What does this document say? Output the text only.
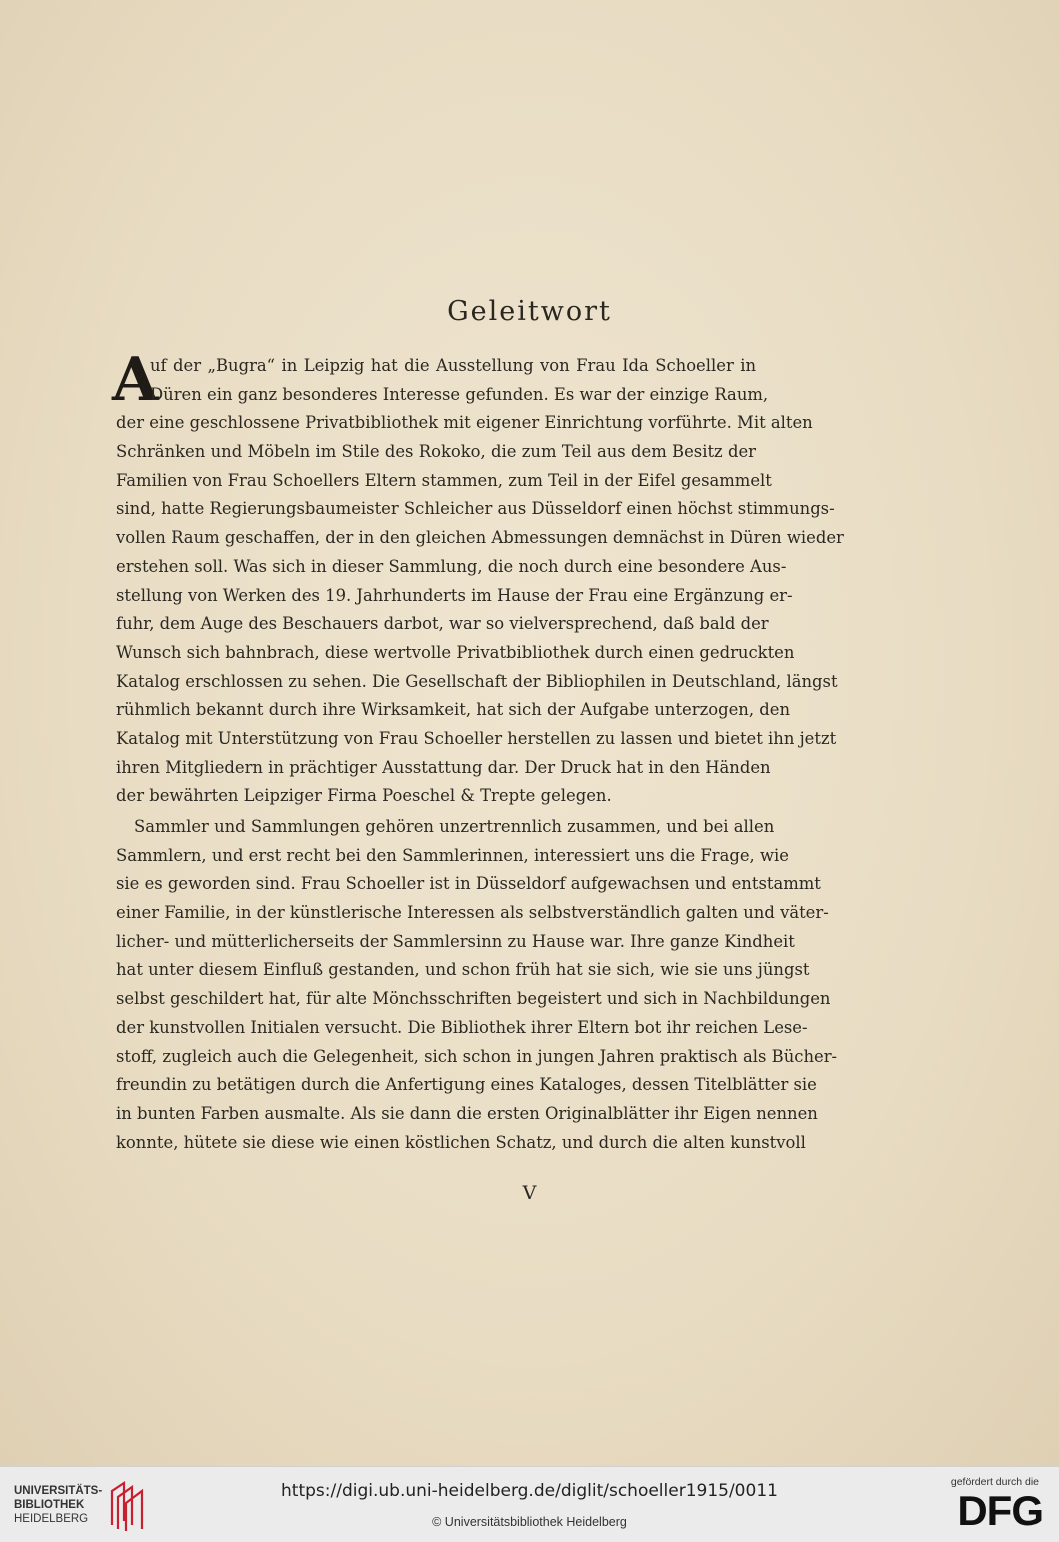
Geleitwort
A
uf der „Bugra“ in Leipzig hat die Ausstellung von Frau Ida Schoeller in
Düren ein ganz besonderes Interesse gefunden. Es war der einzige Raum,
der eine geschlossene Privatbibliothek mit eigener Einrichtung vorführte. Mit alten
Schränken und Möbeln im Stile des Rokoko, die zum Teil aus dem Besitz der
Familien von Frau Schoellers Eltern stammen, zum Teil in der Eifel gesammelt
sind, hatte Regierungsbaumeister Schleicher aus Düsseldorf einen höchst stimmungs-
vollen Raum geschaffen, der in den gleichen Abmessungen demnächst in Düren wieder
erstehen soll. Was sich in dieser Sammlung, die noch durch eine besondere Aus-
stellung von Werken des 19. Jahrhunderts im Hause der Frau eine Ergänzung er-
fuhr, dem Auge des Beschauers darbot, war so vielversprechend, daß bald der
Wunsch sich bahnbrach, diese wertvolle Privatbibliothek durch einen gedruckten
Katalog erschlossen zu sehen. Die Gesellschaft der Bibliophilen in Deutschland, längst
rühmlich bekannt durch ihre Wirksamkeit, hat sich der Aufgabe unterzogen, den
Katalog mit Unterstützung von Frau Schoeller herstellen zu lassen und bietet ihn jetzt
ihren Mitgliedern in prächtiger Ausstattung dar. Der Druck hat in den Händen
der bewährten Leipziger Firma Poeschel & Trepte gelegen.
Sammler und Sammlungen gehören unzertrennlich zusammen, und bei allen
Sammlern, und erst recht bei den Sammlerinnen, interessiert uns die Frage, wie
sie es geworden sind. Frau Schoeller ist in Düsseldorf aufgewachsen und entstammt
einer Familie, in der künstlerische Interessen als selbstverständlich galten und väter-
licher- und mütterlicherseits der Sammlersinn zu Hause war. Ihre ganze Kindheit
hat unter diesem Einfluß gestanden, und schon früh hat sie sich, wie sie uns jüngst
selbst geschildert hat, für alte Mönchsschriften begeistert und sich in Nachbildungen
der kunstvollen Initialen versucht. Die Bibliothek ihrer Eltern bot ihr reichen Lese-
stoff, zugleich auch die Gelegenheit, sich schon in jungen Jahren praktisch als Bücher-
freundin zu betätigen durch die Anfertigung eines Kataloges, dessen Titelblätter sie
in bunten Farben ausmalte. Als sie dann die ersten Originalblätter ihr Eigen nennen
konnte, hütete sie diese wie einen köstlichen Schatz, und durch die alten kunstvoll
V
UNIVERSITÄTS-
BIBLIOTHEK
HEIDELBERG
https://digi.ub.uni-heidelberg.de/diglit/schoeller1915/0011
© Universitätsbibliothek Heidelberg
gefördert durch die
DFG
